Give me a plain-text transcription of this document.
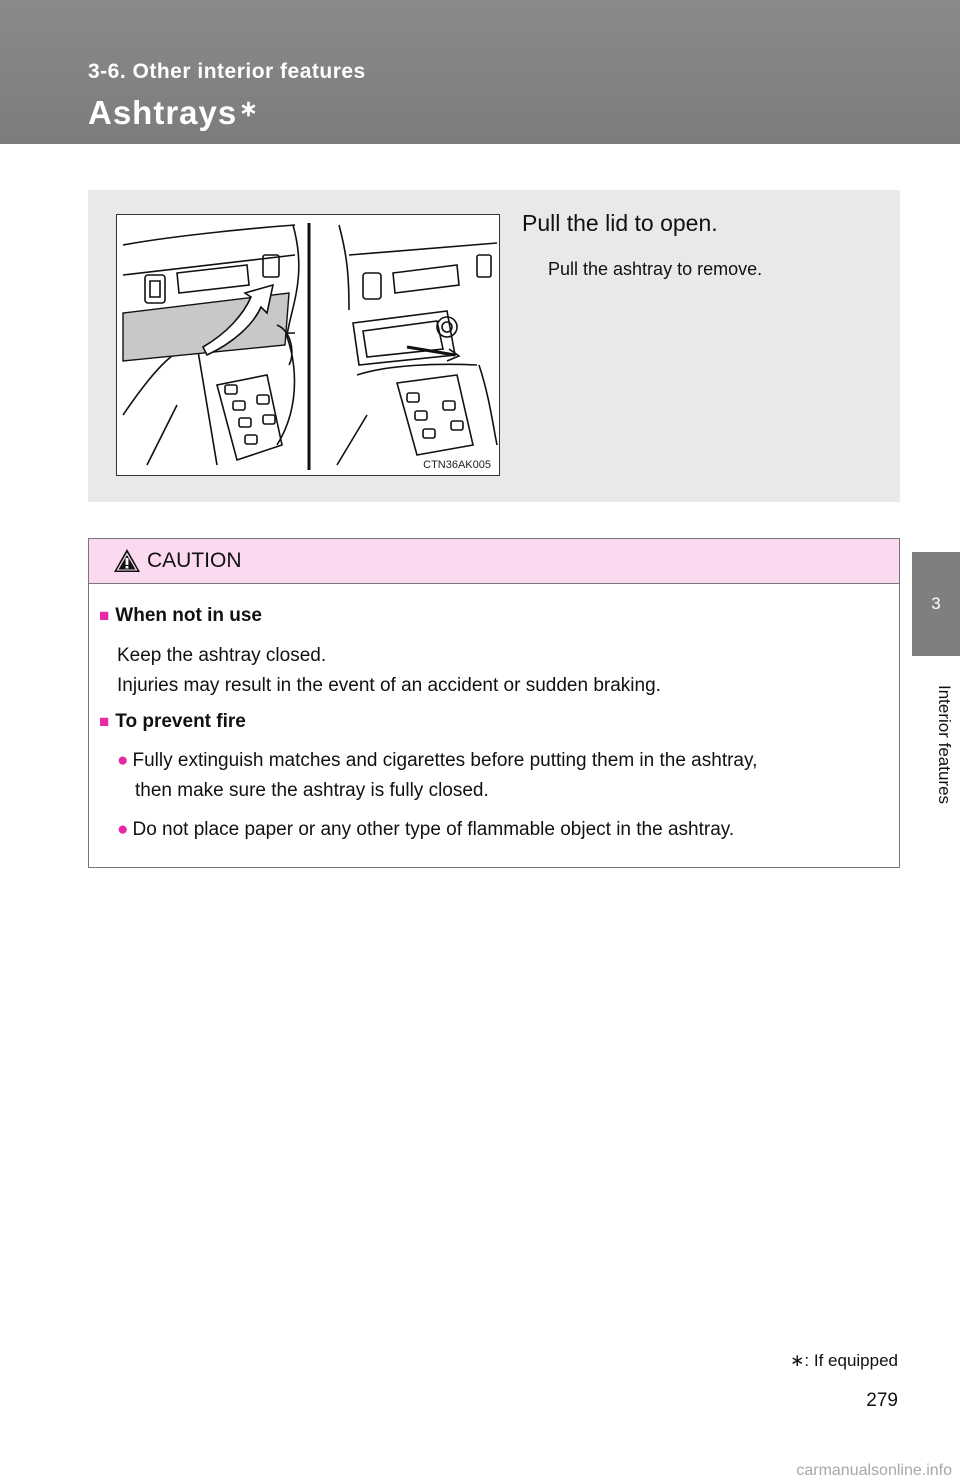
3-6. Other interior features
Ashtrays∗
3
Interior features
CTN36AK005
Pull the lid to open.
Pull the ashtray to remove.
CAUTION
■ When not in use
Keep the ashtray closed.
Injuries may result in the event of an accident or sudden braking.
■ To prevent fire
● Fully extinguish matches and cigarettes before putting them in the ashtray,
then make sure the ashtray is fully closed.
● Do not place paper or any other type of flammable object in the ashtray.
∗: If equipped
279
carmanualsonline.info
